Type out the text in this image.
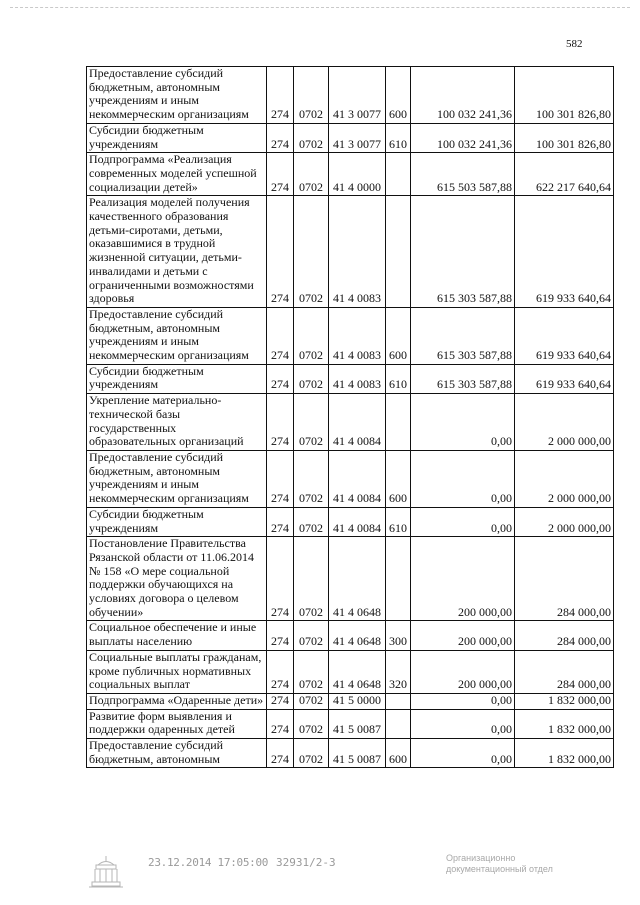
582
Предоставление субсидий бюджетным, автономным учреждениям и иным некоммерческим организациям	274	0702	41 3 0077	600	100 032 241,36	100 301 826,80
Субсидии бюджетным учреждениям	274	0702	41 3 0077	610	100 032 241,36	100 301 826,80
Подпрограмма «Реализация современных моделей успешной социализации детей»	274	0702	41 4 0000		615 503 587,88	622 217 640,64
Реализация моделей получения качественного образования детьми-сиротами, детьми, оказавшимися в трудной жизненной ситуации, детьми-инвалидами и детьми с ограниченными возможностями здоровья	274	0702	41 4 0083		615 303 587,88	619 933 640,64
Предоставление субсидий бюджетным, автономным учреждениям и иным некоммерческим организациям	274	0702	41 4 0083	600	615 303 587,88	619 933 640,64
Субсидии бюджетным учреждениям	274	0702	41 4 0083	610	615 303 587,88	619 933 640,64
Укрепление материально-технической базы государственных образовательных организаций	274	0702	41 4 0084		0,00	2 000 000,00
Предоставление субсидий бюджетным, автономным учреждениям и иным некоммерческим организациям	274	0702	41 4 0084	600	0,00	2 000 000,00
Субсидии бюджетным учреждениям	274	0702	41 4 0084	610	0,00	2 000 000,00
Постановление Правительства Рязанской области от 11.06.2014 № 158 «О мере социальной поддержки обучающихся на условиях договора о целевом обучении»	274	0702	41 4 0648		200 000,00	284 000,00
Социальное обеспечение и иные выплаты населению	274	0702	41 4 0648	300	200 000,00	284 000,00
Социальные выплаты гражданам, кроме публичных нормативных социальных выплат	274	0702	41 4 0648	320	200 000,00	284 000,00
Подпрограмма «Одаренные дети»	274	0702	41 5 0000		0,00	1 832 000,00
Развитие форм выявления и поддержки одаренных детей	274	0702	41 5 0087		0,00	1 832 000,00
Предоставление субсидий бюджетным, автономным	274	0702	41 5 0087	600	0,00	1 832 000,00
23.12.2014 17:05:00 32931/2-3	Организационно
документационный отдел
